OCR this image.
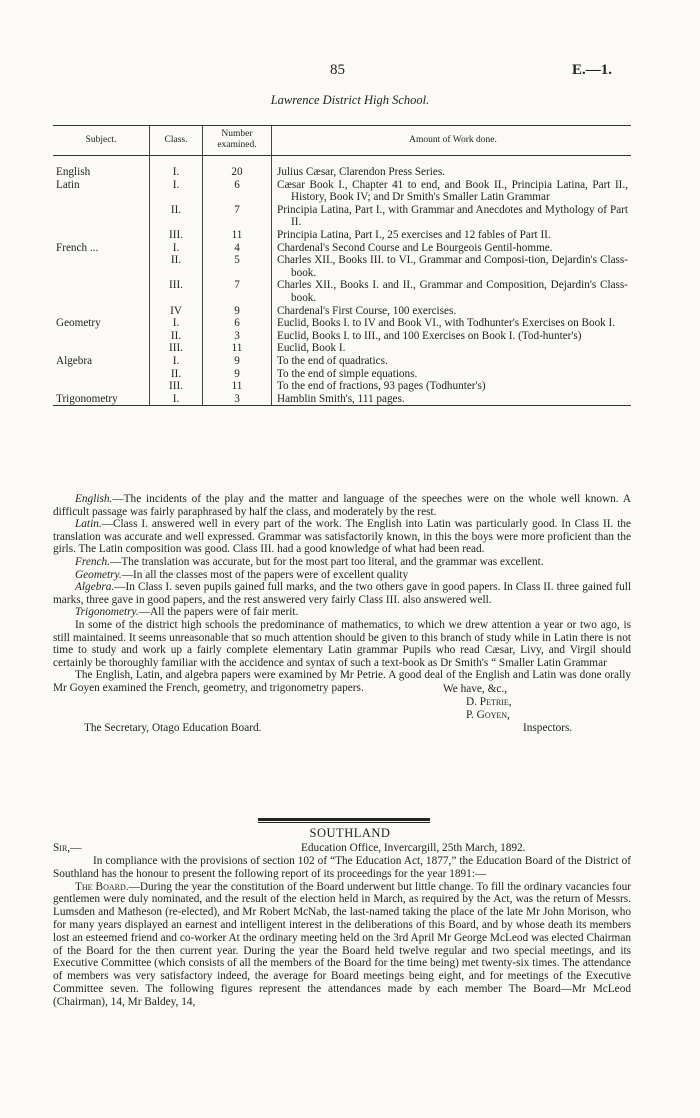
85	E.—1.
Lawrence District High School.
Subject.	Class.	Number examined.	Amount of Work done.

English	I.	20	Julius Cæsar, Clarendon Press Series.

Latin	I.	6	Cæsar Book I., Chapter 41 to end, and Book II., Principia Latina, Part II., History, Book IV; and Dr Smith's Smaller Latin Grammar

	II.	7	Principia Latina, Part I., with Grammar and Anecdotes and Mythology of Part II.

	III.	11	Principia Latina, Part I., 25 exercises and 12 fables of Part II.

French ...	I.	4	Chardenal's Second Course and Le Bourgeois Gentil-homme.

	II.	5	Charles XII., Books III. to VI., Grammar and Composi-tion, Dejardin's Class-book.

	III.	7	Charles XII., Books I. and II., Grammar and Composition, Dejardin's Class-book.

	IV	9	Chardenal's First Course, 100 exercises.

Geometry	I.	6	Euclid, Books I. to IV and Book VI., with Todhunter's Exercises on Book I.

	II.	3	Euclid, Books I. to III., and 100 Exercises on Book I. (Tod-hunter's)

	III.	11	Euclid, Book I.

Algebra	I.	9	To the end of quadratics.

	II.	9	To the end of simple equations.

	III.	11	To the end of fractions, 93 pages (Todhunter's)

Trigonometry	I.	3	Hamblin Smith's, 111 pages.

English.—The incidents of the play and the matter and language of the speeches were on the whole well known. A difficult passage was fairly paraphrased by half the class, and moderately by the rest.

Latin.—Class I. answered well in every part of the work. The English into Latin was particularly good. In Class II. the translation was accurate and well expressed. Grammar was satisfactorily known, in this the boys were more proficient than the girls. The Latin composition was good. Class III. had a good knowledge of what had been read.

French.—The translation was accurate, but for the most part too literal, and the grammar was excellent.

Geometry.—In all the classes most of the papers were of excellent quality

Algebra.—In Class I. seven pupils gained full marks, and the two others gave in good papers. In Class II. three gained full marks, three gave in good papers, and the rest answered very fairly Class III. also answered well.

Trigonometry.—All the papers were of fair merit.

In some of the district high schools the predominance of mathematics, to which we drew attention a year or two ago, is still maintained. It seems unreasonable that so much attention should be given to this branch of study while in Latin there is not time to study and work up a fairly complete elementary Latin grammar Pupils who read Cæsar, Livy, and Virgil should certainly be thoroughly familiar with the accidence and syntax of such a text-book as Dr Smith's “ Smaller Latin Grammar

The English, Latin, and algebra papers were examined by Mr Petrie. A good deal of the English and Latin was done orally Mr Goyen examined the French, geometry, and trigonometry papers.	We have, &c.,
D. Petrie,
P. Goyen,
The Secretary, Otago Education Board.	Inspectors.
SOUTHLAND
Sir,—	Education Office, Invercargill, 25th March, 1892.

In compliance with the provisions of section 102 of “The Education Act, 1877,” the Education Board of the District of Southland has the honour to present the following report of its proceedings for the year 1891:—

The Board.—During the year the constitution of the Board underwent but little change. To fill the ordinary vacancies four gentlemen were duly nominated, and the result of the election held in March, as required by the Act, was the return of Messrs. Lumsden and Matheson (re-elected), and Mr Robert McNab, the last-named taking the place of the late Mr John Morison, who for many years displayed an earnest and intelligent interest in the deliberations of this Board, and by whose death its members lost an esteemed friend and co-worker At the ordinary meeting held on the 3rd April Mr George McLeod was elected Chairman of the Board for the then current year. During the year the Board held twelve regular and two special meetings, and its Executive Committee (which consists of all the members of the Board for the time being) met twenty-six times. The attendance of members was very satisfactory indeed, the average for Board meetings being eight, and for meetings of the Executive Committee seven. The following figures represent the attendances made by each member The Board—Mr McLeod (Chairman), 14, Mr Baldey, 14,
